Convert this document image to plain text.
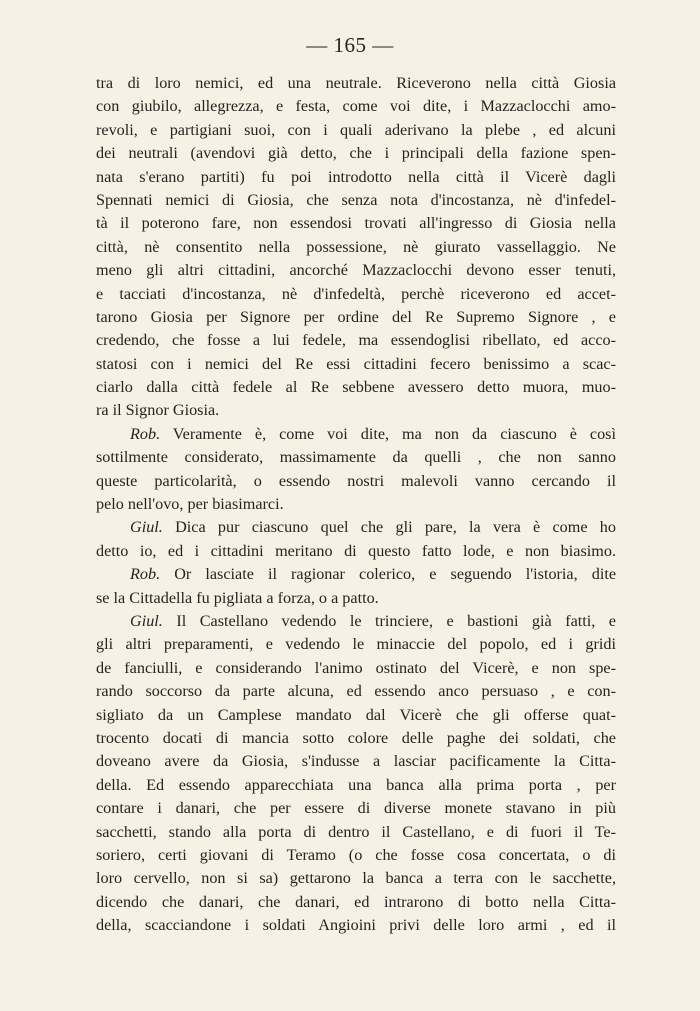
— 165 —
tra di loro nemici, ed una neutrale. Riceverono nella città Giosia
con giubilo, allegrezza, e festa, come voi dite, i Mazzaclocchi amo-
revoli, e partigiani suoi, con i quali aderivano la plebe , ed alcuni
dei neutrali (avendovi già detto, che i principali della fazione spen-
nata s'erano partiti) fu poi introdotto nella città il Vicerè dagli
Spennati nemici di Giosia, che senza nota d'incostanza, nè d'infedel-
tà il poterono fare, non essendosi trovati all'ingresso di Giosia nella
città, nè consentito nella possessione, nè giurato vassellaggio. Ne
meno gli altri cittadini, ancorché Mazzaclocchi devono esser tenuti,
e tacciati d'incostanza, nè d'infedeltà, perchè riceverono ed accet-
tarono Giosia per Signore per ordine del Re Supremo Signore , e
credendo, che fosse a lui fedele, ma essendoglisi ribellato, ed acco-
statosi con i nemici del Re essi cittadini fecero benissimo a scac-
ciarlo dalla città fedele al Re sebbene avessero detto muora, muo-
ra il Signor Giosia.
Rob. Veramente è, come voi dite, ma non da ciascuno è così
sottilmente considerato, massimamente da quelli , che non sanno
queste particolarità, o essendo nostri malevoli vanno cercando il
pelo nell'ovo, per biasimarci.
Giul. Dica pur ciascuno quel che gli pare, la vera è come ho
detto io, ed i cittadini meritano di questo fatto lode, e non biasimo.
Rob. Or lasciate il ragionar colerico, e seguendo l'istoria, dite
se la Cittadella fu pigliata a forza, o a patto.
Giul. Il Castellano vedendo le trinciere, e bastioni già fatti, e
gli altri preparamenti, e vedendo le minaccie del popolo, ed i gridi
de fanciulli, e considerando l'animo ostinato del Vicerè, e non spe-
rando soccorso da parte alcuna, ed essendo anco persuaso , e con-
sigliato da un Camplese mandato dal Vicerè che gli offerse quat-
trocento docati di mancia sotto colore delle paghe dei soldati, che
doveano avere da Giosia, s'indusse a lasciar pacificamente la Citta-
della. Ed essendo apparecchiata una banca alla prima porta , per
contare i danari, che per essere di diverse monete stavano in più
sacchetti, stando alla porta di dentro il Castellano, e di fuori il Te-
soriero, certi giovani di Teramo (o che fosse cosa concertata, o di
loro cervello, non si sa) gettarono la banca a terra con le sacchette,
dicendo che danari, che danari, ed intrarono di botto nella Citta-
della, scacciandone i soldati Angioini privi delle loro armi , ed il
